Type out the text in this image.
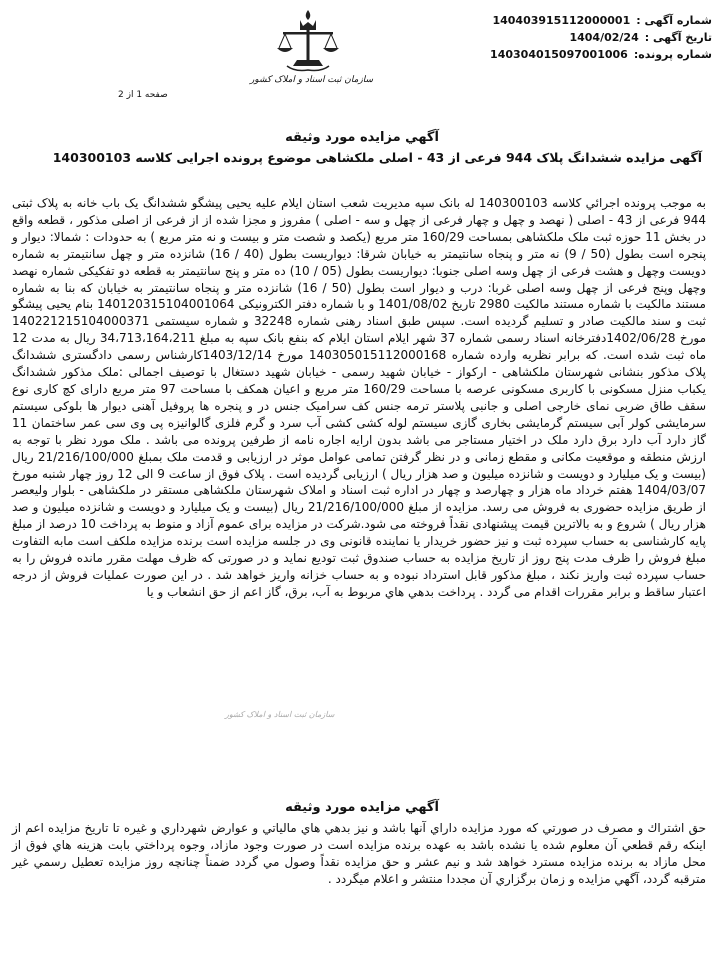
شماره آگهی :
140403915112000001
تاریخ آگهی :
1404/02/24
شماره پرونده:
140304015097001006
سازمان ثبت اسناد و املاک کشور
صفحه 1 از 2
آگهي مزايده مورد وثيقه
آگهی مزایده ششدانگ پلاک 944 فرعی از 43 - اصلی ملکشاهی موضوع پرونده اجرایی کلاسه 140300103
به موجب پرونده اجرائي كلاسه 140300103 له بانک سپه مدیریت شعب استان ایلام علیه یحیی پیشگو ششدانگ يک باب خانه به پلاک ثبتی 944 فرعی از 43 - اصلی ( نهصد و چهل و چهار فرعی از چهل و سه - اصلی ) مفروز و مجزا شده از از فرعی از اصلی مذکور ، قطعه واقع در بخش 11 حوزه ثبت ملک ملکشاهی بمساحت 160/29 متر مربع (یکصد و شصت متر و بیست و نه متر مربع ) به حدودات : شمالا: دیوار و پنجره است بطول (50 / 9) نه متر و پنجاه سانتیمتر به خیابان شرقا: دیواریست بطول (40 / 16) شانزده متر و چهل سانتیمتر به شماره دویست وچهل و هشت فرعی از چهل وسه اصلی جنوبا: دیواریست بطول (05 / 10) ده متر و پنج سانتیمتر به قطعه دو تفکیکی شماره نهصد وچهل وپنج فرعی از چهل وسه اصلی غربا: درب و دیوار است بطول (50 / 16) شانزده متر و پنجاه سانتیمتر به خیابان که بنا به شماره مستند مالکیت با شماره مستند مالکیت 2980 تاریخ 1401/08/02 و با شماره دفتر الکترونیکی 140120315104001064 بنام یحیی پیشگو ثبت و سند مالکیت صادر و تسلیم گردیده است. سپس طبق اسناد رهنی شماره 32248 و شماره سیستمی 140221215104000371 مورخ 1402/06/28دفترخانه اسناد رسمی شماره 37 شهر ایلام استان ایلام که بنفع بانک سپه به مبلغ 34،713،164،211 ریال به مدت 12 ماه ثبت شده است. که برابر نظریه وارده شماره 140305015112000168 مورخ 1403/12/14کارشناس رسمی دادگستری ششدانگ پلاک مذکور بنشانی شهرستان ملکشاهی - ارکواز - خیابان شهید رسمی - خیابان شهید دستغال با توصیف اجمالی :ملک مذکور ششدانگ یکباب منزل مسکونی با کاربری مسکونی عرصه با مساحت 160/29 متر مربع و اعیان همکف با مساحت 97 متر مربع دارای کچ کاری نوع سقف طاق ضربی نمای خارجی اصلی و جانبی پلاستر ترمه جنس کف سرامیک جنس در و پنجره ها پروفیل آهنی دیوار ها بلوکی سیستم سرمایشی کولر آبی سیستم گرمایشی بخاری گازی سیستم لوله کشی کشی آب سرد و گرم فلزی گالوانیزه پی وی سی عمر ساختمان 11 گاز دارد آب دارد برق دارد ملک در اختیار مستاجر می باشد بدون ارایه اجاره نامه از طرفین پرونده می باشد . ملک مورد نظر با توجه به ارزش منطقه و موقعیت مکانی و مقطع زمانی و در نظر گرفتن تمامی عوامل موثر در ارزیابی و قدمت ملک بمبلغ 21/216/100/000 ریال (بیست و یک میلیارد و دویست و شانزده میلیون و صد هزار ریال ) ارزیابی گردیده است . پلاک فوق از ساعت 9 الی 12 روز چهار شنبه مورخ 1404/03/07 هفتم خرداد ماه هزار و چهارصد و چهار در اداره ثبت اسناد و املاک شهرستان ملکشاهی مستقر در ملکشاهی - بلوار ولیعصر از طریق مزایده حضوری به فروش می رسد. مزایده از مبلغ 21/216/100/000 ریال (بیست و یک میلیارد و دویست و شانزده میلیون و صد هزار ریال ) شروع و به بالاترین قیمت پیشنهادی نقداً فروخته می شود.شرکت در مزایده برای عموم آزاد و منوط به پرداخت 10 درصد از مبلغ پایه کارشناسی به حساب سپرده ثبت و نیز حضور خریدار یا نماینده قانونی وی در جلسه مزایده است برنده مزایده ملکف است مابه التفاوت مبلغ فروش را ظرف مدت پنج روز از تاریخ مزایده به حساب صندوق ثبت تودیع نماید و در صورتی که ظرف مهلت مقرر مانده فروش را به حساب سپرده ثبت واریز نکند ، مبلغ مذکور قابل استرداد نبوده و به حساب خزانه واریز خواهد شد . در این صورت عملیات فروش از درجه اعتبار ساقط و برابر مقررات اقدام می گردد . پرداخت بدهي هاي مربوط به آب، برق، گاز اعم از حق انشعاب و يا
سازمان ثبت اسناد و املاک کشور
آگهي مزايده مورد وثيقه
حق اشتراك و مصرف در صورتي كه مورد مزايده داراي آنها باشد و نيز بدهي هاي مالياتي و عوارض شهرداري و غيره تا تاريخ مزايده اعم از اينكه رقم قطعي آن معلوم شده يا نشده باشد به عهده برنده مزايده است در صورت وجود مازاد، وجوه پرداختي بابت هزينه هاي فوق از محل مازاد به برنده مزايده مسترد خواهد شد و نيم عشر و حق مزايده نقداً وصول مي گردد ضمناً چنانچه روز مزايده تعطيل رسمي غير مترقبه گردد، آگهي مزايده و زمان برگزاري آن مجددا منتشر و اعلام ميگردد .
